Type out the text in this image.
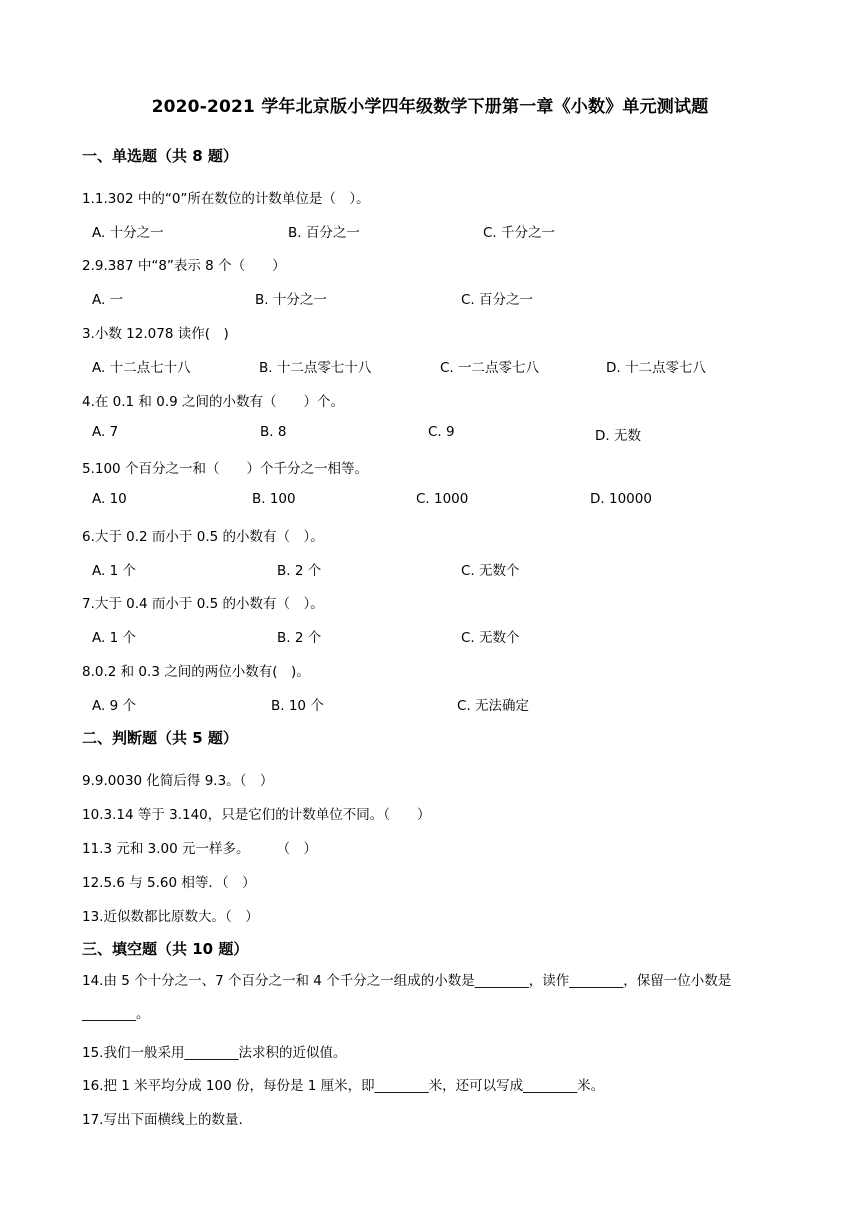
2020-2021 学年北京版小学四年级数学下册第一章《小数》单元测试题
一、单选题（共 8 题）
1.1.302 中的“0”所在数位的计数单位是（　）。
A. 十分之一	B. 百分之一	C. 千分之一
2.9.387 中“8”表示 8 个（　　）
A. 一	B. 十分之一	C. 百分之一
3.小数 12.078 读作(　)
A. 十二点七十八	B. 十二点零七十八	C. 一二点零七八	D. 十二点零七八
4.在 0.1 和 0.9 之间的小数有（　　）个。
A. 7	B. 8	C. 9	D. 无数
5.100 个百分之一和（　　）个千分之一相等。
A. 10	B. 100	C. 1000	D. 10000
6.大于 0.2 而小于 0.5 的小数有（　）。
A. 1 个	B. 2 个	C. 无数个
7.大于 0.4 而小于 0.5 的小数有（　）。
A. 1 个	B. 2 个	C. 无数个
8.0.2 和 0.3 之间的两位小数有(　)。
A. 9 个	B. 10 个	C. 无法确定
二、判断题（共 5 题）
9.9.0030 化简后得 9.3。（　）
10.3.14 等于 3.140，只是它们的计数单位不同。（　　）
11.3 元和 3.00 元一样多。　　　（　）
12.5.6 与 5.60 相等．（　）
13.近似数都比原数大。（　）
三、填空题（共 10 题）
14.由 5 个十分之一、7 个百分之一和 4 个千分之一组成的小数是________，读作________，保留一位小数是________。
15.我们一般采用________法求积的近似值。
16.把 1 米平均分成 100 份，每份是 1 厘米，即________米，还可以写成________米。
17.写出下面横线上的数量.
